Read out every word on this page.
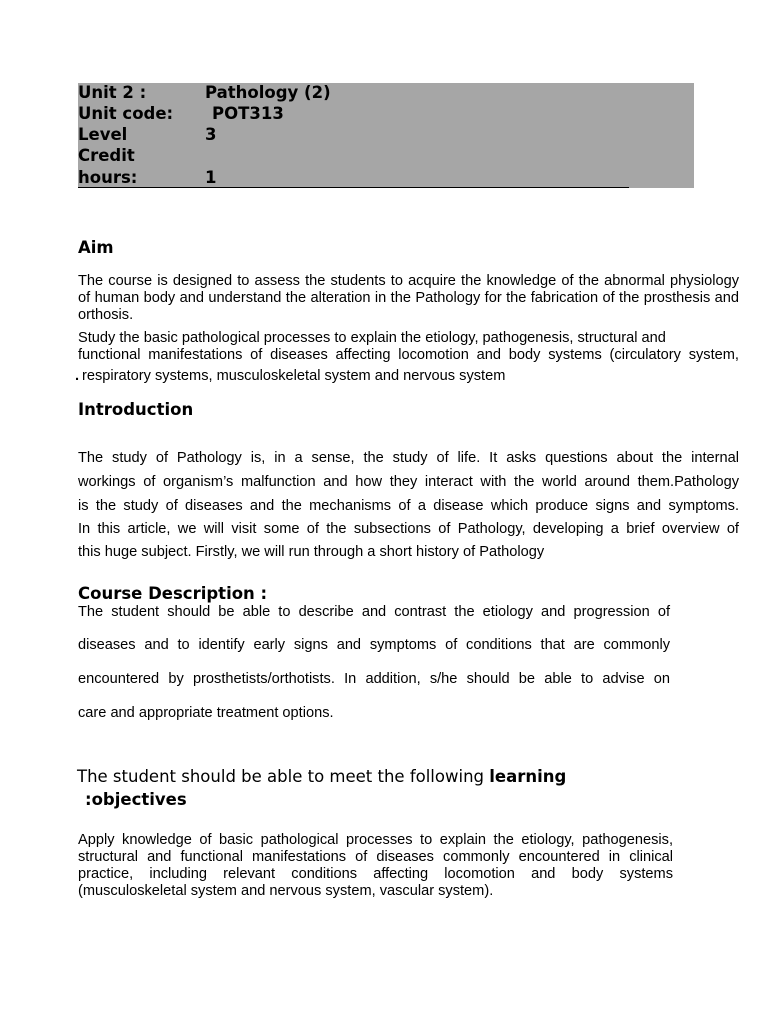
Unit 2 :	Pathology (2)
Unit code: POT313
Level	3
Credit
hours:	1
Aim
The course is designed to assess the students to acquire the knowledge of the abnormal physiology of human body and understand the alteration in the Pathology for the fabrication of the prosthesis and orthosis.
Study the basic pathological processes to explain the etiology, pathogenesis, structural and
functional manifestations of diseases affecting locomotion and body systems (circulatory system,
. respiratory systems, musculoskeletal system and nervous system
Introduction
The study of Pathology is, in a sense, the study of life. It asks questions about the internal
workings of organism’s malfunction and how they interact with the world around them.Pathology
is the study of diseases and the mechanisms of a disease which produce signs and symptoms.
In this article, we will visit some of the subsections of Pathology, developing a brief overview of
this huge subject. Firstly, we will run through a short history of Pathology
Course Description :
The student should be able to describe and contrast the etiology and progression of
diseases and to identify early signs and symptoms of conditions that are commonly
encountered by prosthetists/orthotists. In addition, s/he should be able to advise on
care and appropriate treatment options.
The student should be able to meet the following learning
:objectives
Apply knowledge of basic pathological processes to explain the etiology, pathogenesis, structural and functional manifestations of diseases commonly encountered in clinical practice, including relevant conditions affecting locomotion and body systems (musculoskeletal system and nervous system, vascular system).
